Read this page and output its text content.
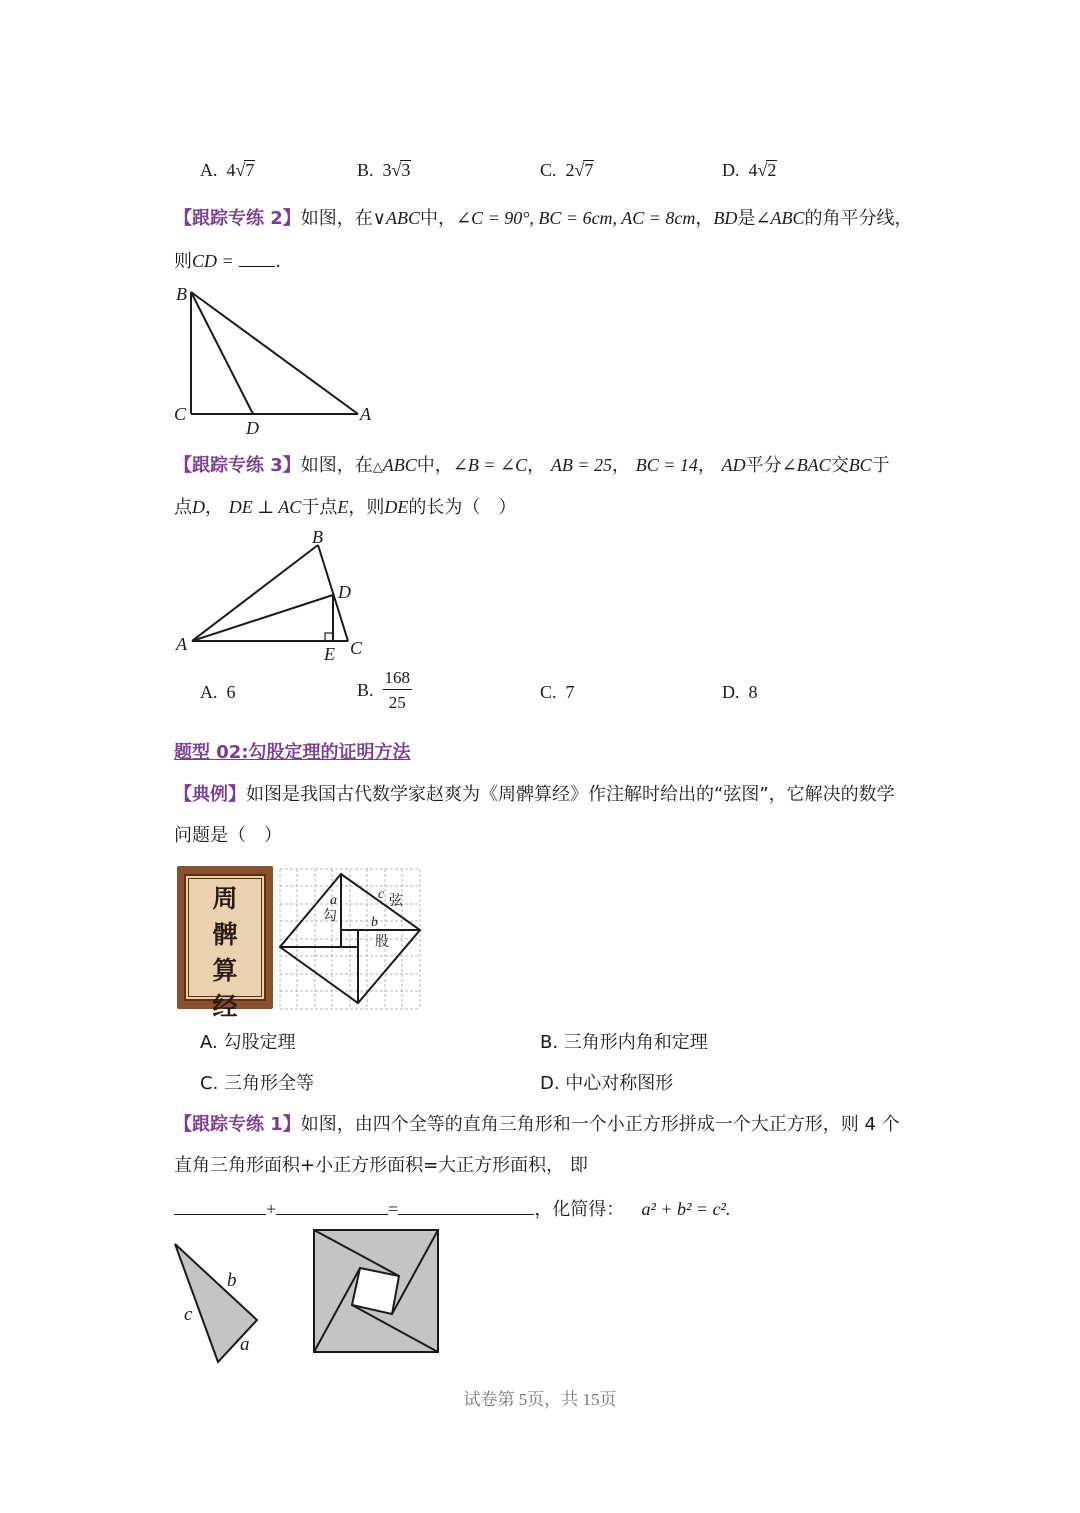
A. 4√7	B. 3√3	C. 2√7	D. 4√2
【跟踪专练 2】如图，在∨ABC中，∠C = 90°, BC = 6cm, AC = 8cm，BD是∠ABC的角平分线，
则CD = .
B
C	A
D
【跟踪专练 3】如图，在△ABC中，∠B = ∠C， AB = 25， BC = 14， AD平分∠BAC交BC于
点D， DE ⊥ AC于点E，则DE的长为（　）
B
D
A	E C
A. 6	B. $\frac{168}{25}$	C. 7	D. 8
题型 02:勾股定理的证明方法
【典例】如图是我国古代数学家赵爽为《周髀算经》作注解时给出的“弦图”，它解决的数学
问题是（　）
周
髀
算
经
a
勾
c 弦
b
股
A. 勾股定理	B. 三角形内角和定理
C. 三角形全等	D. 中心对称图形
【跟踪专练 1】如图，由四个全等的直角三角形和一个小正方形拼成一个大正方形，则 4 个
直角三角形面积+小正方形面积=大正方形面积， 即
+	=	，化简得： a² + b² = c².
b
c
a
试卷第 5页，共 15页
